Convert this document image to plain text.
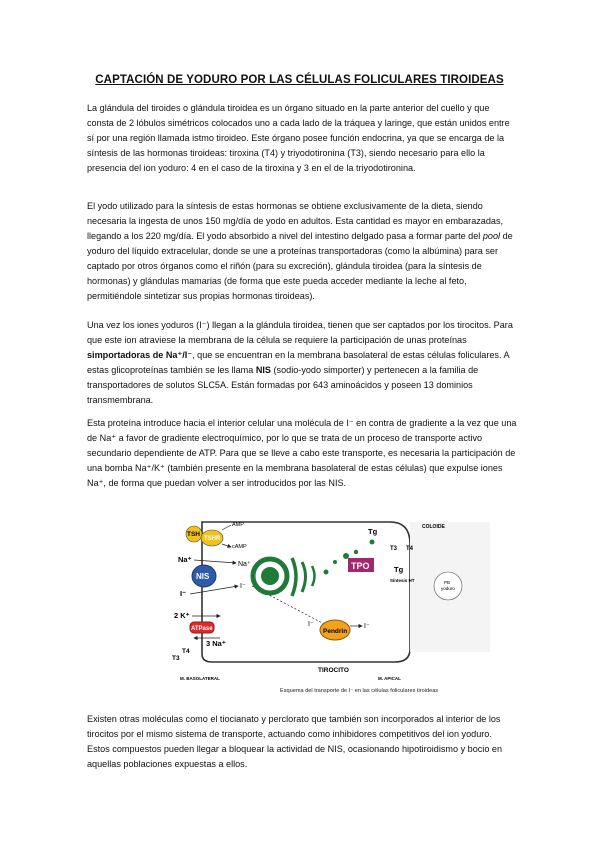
CAPTACIÓN DE YODURO POR LAS CÉLULAS FOLICULARES TIROIDEAS

La glándula del tiroides o glándula tiroidea es un órgano situado en la parte anterior del cuello y que consta de 2 lóbulos simétricos colocados uno a cada lado de la tráquea y laringe, que están unidos entre sí por una región llamada istmo tiroideo. Este órgano posee función endocrina, ya que se encarga de la síntesis de las hormonas tiroideas: tiroxina (T4) y triyodotironina (T3), siendo necesario para ello la presencia del ion yoduro: 4 en el caso de la tiroxina y 3 en el de la triyodotironina.

El yodo utilizado para la síntesis de estas hormonas se obtiene exclusivamente de la dieta, siendo necesaria la ingesta de unos 150 mg/día de yodo en adultos. Esta cantidad es mayor en embarazadas, llegando a los 220 mg/día. El yodo absorbido a nivel del intestino delgado pasa a formar parte del pool de yoduro del líquido extracelular, donde se une a proteínas transportadoras (como la albúmina) para ser captado por otros órganos como el riñón (para su excreción), glándula tiroidea (para la síntesis de hormonas) y glándulas mamarias (de forma que este pueda acceder mediante la leche al feto, permitiéndole sintetizar sus propias hormonas tiroideas).

Una vez los iones yoduros (I⁻) llegan a la glándula tiroidea, tienen que ser captados por los tirocitos. Para que este ion atraviese la membrana de la célula se requiere la participación de unas proteínas simportadoras de Na⁺/I⁻, que se encuentran en la membrana basolateral de estas células foliculares. A estas glicoproteínas también se les llama NIS (sodio-yodo simporter) y pertenecen a la familia de transportadores de solutos SLC5A. Están formadas por 643 aminoácidos y poseen 13 dominios transmembrana.

Esta proteína introduce hacia el interior celular una molécula de I⁻ en contra de gradiente a la vez que una de Na⁺ a favor de gradiente electroquímico, por lo que se trata de un proceso de transporte activo secundario dependiente de ATP. Para que se lleve a cabo este transporte, es necesaria la participación de una bomba Na⁺/K⁺ (también presente en la membrana basolateral de estas células) que expulse iones Na⁺, de forma que puedan volver a ser introducidos por las NIS.

TSH
TSHR
AMP
cAMP
Na⁺
Na⁺
NIS
I⁻
I⁻
2 K⁺
ATPase
3 Na⁺
T4
T3
Tg
T3 T4
COLOIDE
TPO	Tg
Síntesis HT	PB
yoduro
Pendrin
I⁻	I⁻
TIROCITO
M. BASOLATERAL	M. APICAL
Esquema del transporte de I⁻ en las células foliculares tiroideas

Existen otras moléculas como el tiocianato y perclorato que también son incorporados al interior de los tirocitos por el mismo sistema de transporte, actuando como inhibidores competitivos del ion yoduro. Estos compuestos pueden llegar a bloquear la actividad de NIS, ocasionando hipotiroidismo y bocio en aquellas poblaciones expuestas a ellos.
